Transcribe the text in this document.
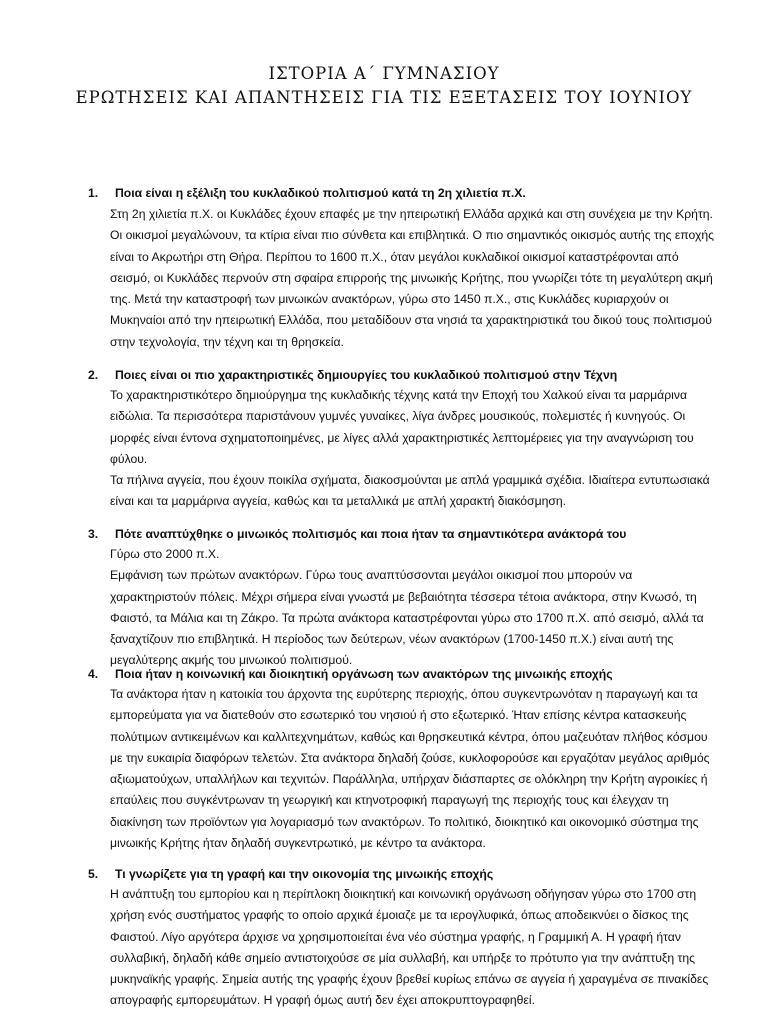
ΙΣΤΟΡΙΑ Α΄ ΓΥΜΝΑΣΙΟΥ
ΕΡΩΤΗΣΕΙΣ ΚΑΙ ΑΠΑΝΤΗΣΕΙΣ ΓΙΑ ΤΙΣ ΕΞΕΤΑΣΕΙΣ ΤΟΥ ΙΟΥΝΙΟΥ
1. Ποια είναι η εξέλιξη του κυκλαδικού πολιτισμού κατά τη 2η χιλιετία π.Χ.

Στη 2η χιλιετία π.Χ. οι Κυκλάδες έχουν επαφές με την ηπειρωτική Ελλάδα αρχικά και στη συνέχεια με την Κρήτη. Οι οικισμοί μεγαλώνουν, τα κτίρια είναι πιο σύνθετα και επιβλητικά. Ο πιο σημαντικός οικισμός αυτής της εποχής είναι το Ακρωτήρι στη Θήρα. Περίπου το 1600 π.Χ., όταν μεγάλοι κυκλαδικοί οικισμοί καταστρέφονται από σεισμό, οι Κυκλάδες περνούν στη σφαίρα επιρροής της μινωικής Κρήτης, που γνωρίζει τότε τη μεγαλύτερη ακμή της. Μετά την καταστροφή των μινωικών ανακτόρων, γύρω στο 1450 π.Χ., στις Κυκλάδες κυριαρχούν οι Μυκηναίοι από την ηπειρωτική Ελλάδα, που μεταδίδουν στα νησιά τα χαρακτηριστικά του δικού τους πολιτισμού στην τεχνολογία, την τέχνη και τη θρησκεία.

2. Ποιες είναι οι πιο χαρακτηριστικές δημιουργίες του κυκλαδικού πολιτισμού στην Τέχνη

Το χαρακτηριστικότερο δημιούργημα της κυκλαδικής τέχνης κατά την Εποχή του Χαλκού είναι τα μαρμάρινα ειδώλια. Τα περισσότερα παριστάνουν γυμνές γυναίκες, λίγα άνδρες μουσικούς, πολεμιστές ή κυνηγούς. Οι μορφές είναι έντονα σχηματοποιημένες, με λίγες αλλά χαρακτηριστικές λεπτομέρειες για την αναγνώριση του φύλου.

Τα πήλινα αγγεία, που έχουν ποικίλα σχήματα, διακοσμούνται με απλά γραμμικά σχέδια. Ιδιαίτερα εντυπωσιακά είναι και τα μαρμάρινα αγγεία, καθώς και τα μεταλλικά με απλή χαρακτή διακόσμηση.

3. Πότε αναπτύχθηκε ο μινωικός πολιτισμός και ποια ήταν τα σημαντικότερα ανάκτορά του

Γύρω στο 2000 π.Χ.

Εμφάνιση των πρώτων ανακτόρων. Γύρω τους αναπτύσσονται μεγάλοι οικισμοί που μπορούν να χαρακτηριστούν πόλεις. Μέχρι σήμερα είναι γνωστά με βεβαιότητα τέσσερα τέτοια ανάκτορα, στην Κνωσό, τη Φαιστό, τα Μάλια και τη Ζάκρο. Τα πρώτα ανάκτορα καταστρέφονται γύρω στο 1700 π.Χ. από σεισμό, αλλά τα ξαναχτίζουν πιο επιβλητικά. Η περίοδος των δεύτερων, νέων ανακτόρων (1700-1450 π.Χ.) είναι αυτή της μεγαλύτερης ακμής του μινωικού πολιτισμού.

4. Ποια ήταν η κοινωνική και διοικητική οργάνωση των ανακτόρων της μινωικής εποχής

Τα ανάκτορα ήταν η κατοικία του άρχοντα της ευρύτερης περιοχής, όπου συγκεντρωνόταν η παραγωγή και τα εμπορεύματα για να διατεθούν στο εσωτερικό του νησιού ή στο εξωτερικό. Ήταν επίσης κέντρα κατασκευής πολύτιμων αντικειμένων και καλλιτεχνημάτων, καθώς και θρησκευτικά κέντρα, όπου μαζευόταν πλήθος κόσμου με την ευκαιρία διαφόρων τελετών. Στα ανάκτορα δηλαδή ζούσε, κυκλοφορούσε και εργαζόταν μεγάλος αριθμός αξιωματούχων, υπαλλήλων και τεχνιτών. Παράλληλα, υπήρχαν διάσπαρτες σε ολόκληρη την Κρήτη αγροικίες ή επαύλεις που συγκέντρωναν τη γεωργική και κτηνοτροφική παραγωγή της περιοχής τους και έλεγχαν τη διακίνηση των προϊόντων για λογαριασμό των ανακτόρων. Το πολιτικό, διοικητικό και οικονομικό σύστημα της μινωικής Κρήτης ήταν δηλαδή συγκεντρωτικό, με κέντρο τα ανάκτορα.

5. Τι γνωρίζετε για τη γραφή και την οικονομία της μινωικής εποχής

Η ανάπτυξη του εμπορίου και η περίπλοκη διοικητική και κοινωνική οργάνωση οδήγησαν γύρω στο 1700 στη χρήση ενός συστήματος γραφής το οποίο αρχικά έμοιαζε με τα ιερογλυφικά, όπως αποδεικνύει ο δίσκος της Φαιστού. Λίγο αργότερα άρχισε να χρησιμοποιείται ένα νέο σύστημα γραφής, η Γραμμική Α. Η γραφή ήταν συλλαβική, δηλαδή κάθε σημείο αντιστοιχούσε σε μία συλλαβή, και υπήρξε το πρότυπο για την ανάπτυξη της μυκηναϊκής γραφής. Σημεία αυτής της γραφής έχουν βρεθεί κυρίως επάνω σε αγγεία ή χαραγμένα σε πινακίδες απογραφής εμπορευμάτων. Η γραφή όμως αυτή δεν έχει αποκρυπτογραφηθεί.
